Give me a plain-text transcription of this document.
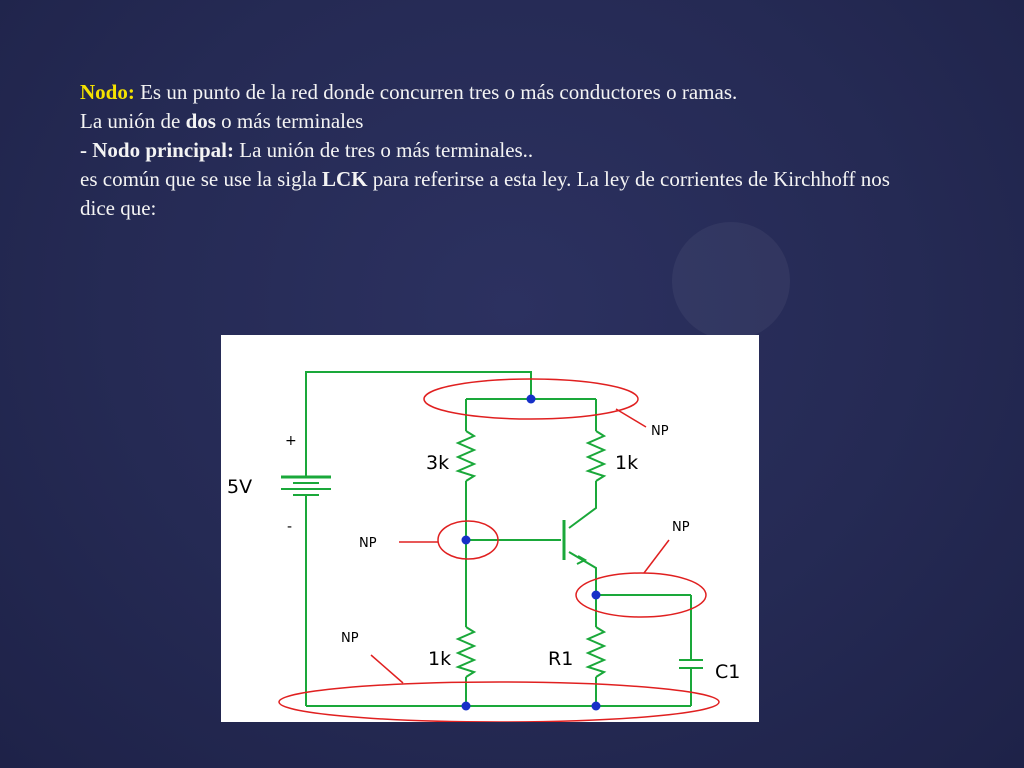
Nodo: Es un punto de la red donde concurren tres o más conductores o ramas.

La unión de dos o más terminales

- Nodo principal: La unión de tres o más terminales..

es común que se use la sigla LCK para referirse a esta ley. La ley de corrientes de Kirchhoff nos dice que:

+
-
5V
3k	1k
1k	R1
C1
NP
NP
NP
NP
